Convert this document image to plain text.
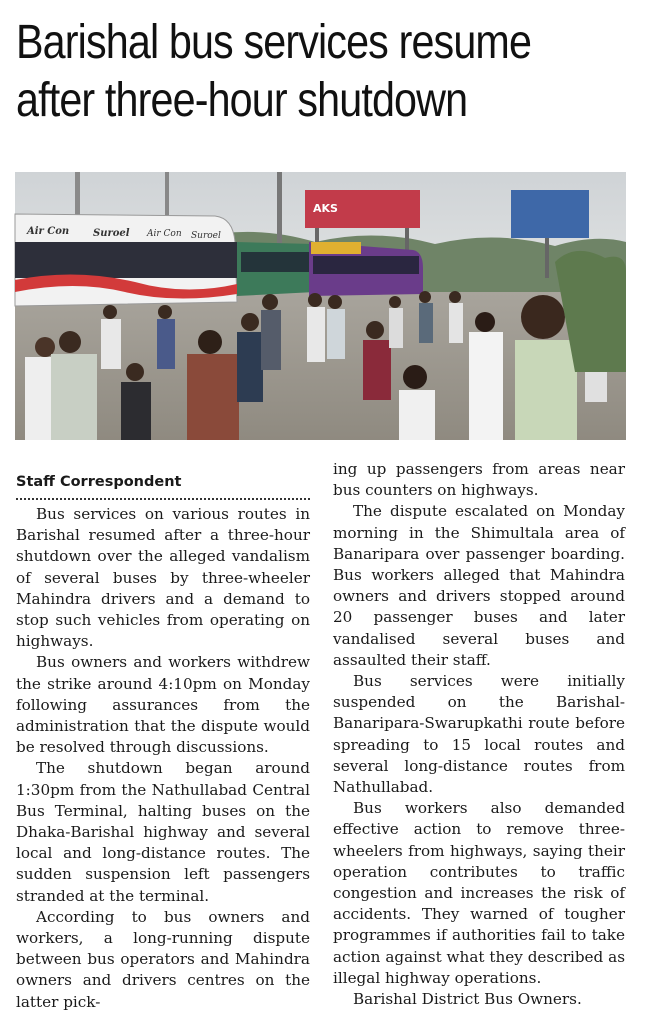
Barishal bus services resume
after three-hour shutdown
AKS
Air Con Suroel Air Con Suroel
Staff Correspondent

Bus services on various routes in Barishal resumed after a three-hour shutdown over the alleged vandalism of several buses by three-wheeler Mahindra drivers and a demand to stop such vehicles from operating on highways.

Bus owners and workers withdrew the strike around 4:10pm on Monday following assurances from the administration that the dispute would be resolved through discussions.

The shutdown began around 1:30pm from the Nathullabad Central Bus Terminal, halting buses on the Dhaka-Barishal highway and several local and long-distance routes. The sudden suspension left passengers stranded at the terminal.

According to bus owners and workers, a long-running dispute between bus operators and Mahindra owners and drivers centres on the latter pick-

ing up passengers from areas near bus counters on highways.

The dispute escalated on Monday morning in the Shimultala area of Banaripara over passenger boarding. Bus workers alleged that Mahindra owners and drivers stopped around 20 passenger buses and later vandalised several buses and assaulted their staff.

Bus services were initially suspended on the Barishal-Banaripara-Swarupkathi route before spreading to 15 local routes and several long-distance routes from Nathullabad.

Bus workers also demanded effective action to remove three-wheelers from highways, saying their operation contributes to traffic congestion and increases the risk of accidents. They warned of tougher programmes if authorities fail to take action against what they described as illegal highway operations.

Barishal District Bus Owners.
